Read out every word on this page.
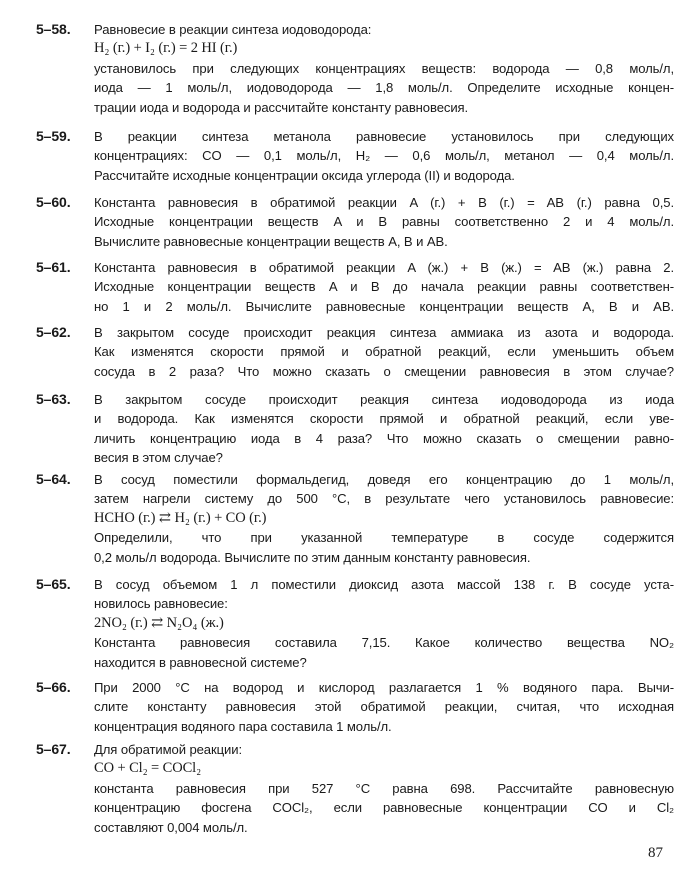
5–58. Равновесие в реакции синтеза иодоводорода:
H₂ (г.) + I₂ (г.) = 2 HI (г.)
установилось при следующих концентрациях веществ: водорода — 0,8 моль/л,
иода — 1 моль/л, иодоводорода — 1,8 моль/л. Определите исходные концен-
трации иода и водорода и рассчитайте константу равновесия.
5–59. В реакции синтеза метанола равновесие установилось при следующих
концентрациях: CO — 0,1 моль/л, H₂ — 0,6 моль/л, метанол — 0,4 моль/л.
Рассчитайте исходные концентрации оксида углерода (II) и водорода.
5–60. Константа равновесия в обратимой реакции A (г.) + B (г.) = AB (г.) равна 0,5.
Исходные концентрации веществ A и B равны соответственно 2 и 4 моль/л.
Вычислите равновесные концентрации веществ A, B и AB.
5–61. Константа равновесия в обратимой реакции A (ж.) + B (ж.) = AB (ж.) равна 2.
Исходные концентрации веществ A и B до начала реакции равны соответствен-
но 1 и 2 моль/л. Вычислите равновесные концентрации веществ A, B и AB.
5–62. В закрытом сосуде происходит реакция синтеза аммиака из азота и водорода.
Как изменятся скорости прямой и обратной реакций, если уменьшить объем
сосуда в 2 раза? Что можно сказать о смещении равновесия в этом случае?
5–63. В закрытом сосуде происходит реакция синтеза иодоводорода из иода
и водорода. Как изменятся скорости прямой и обратной реакций, если уве-
личить концентрацию иода в 4 раза? Что можно сказать о смещении равно-
весия в этом случае?
5–64. В сосуд поместили формальдегид, доведя его концентрацию до 1 моль/л,
затем нагрели систему до 500 °C, в результате чего установилось равновесие:
HCHO (г.) ⇄ H₂ (г.) + CO (г.)
Определили, что при указанной температуре в сосуде содержится
0,2 моль/л водорода. Вычислите по этим данным константу равновесия.
5–65. В сосуд объемом 1 л поместили диоксид азота массой 138 г. В сосуде уста-
новилось равновесие:
2NO₂ (г.) ⇄ N₂O₄ (ж.)
Константа равновесия составила 7,15. Какое количество вещества NO₂
находится в равновесной системе?
5–66. При 2000 °C на водород и кислород разлагается 1 % водяного пара. Вычи-
слите константу равновесия этой обратимой реакции, считая, что исходная
концентрация водяного пара составила 1 моль/л.
5–67. Для обратимой реакции:
CO + Cl₂ = COCl₂
константа равновесия при 527 °C равна 698. Рассчитайте равновесную
концентрацию фосгена COCl₂, если равновесные концентрации CO и Cl₂
составляют 0,004 моль/л.
87
